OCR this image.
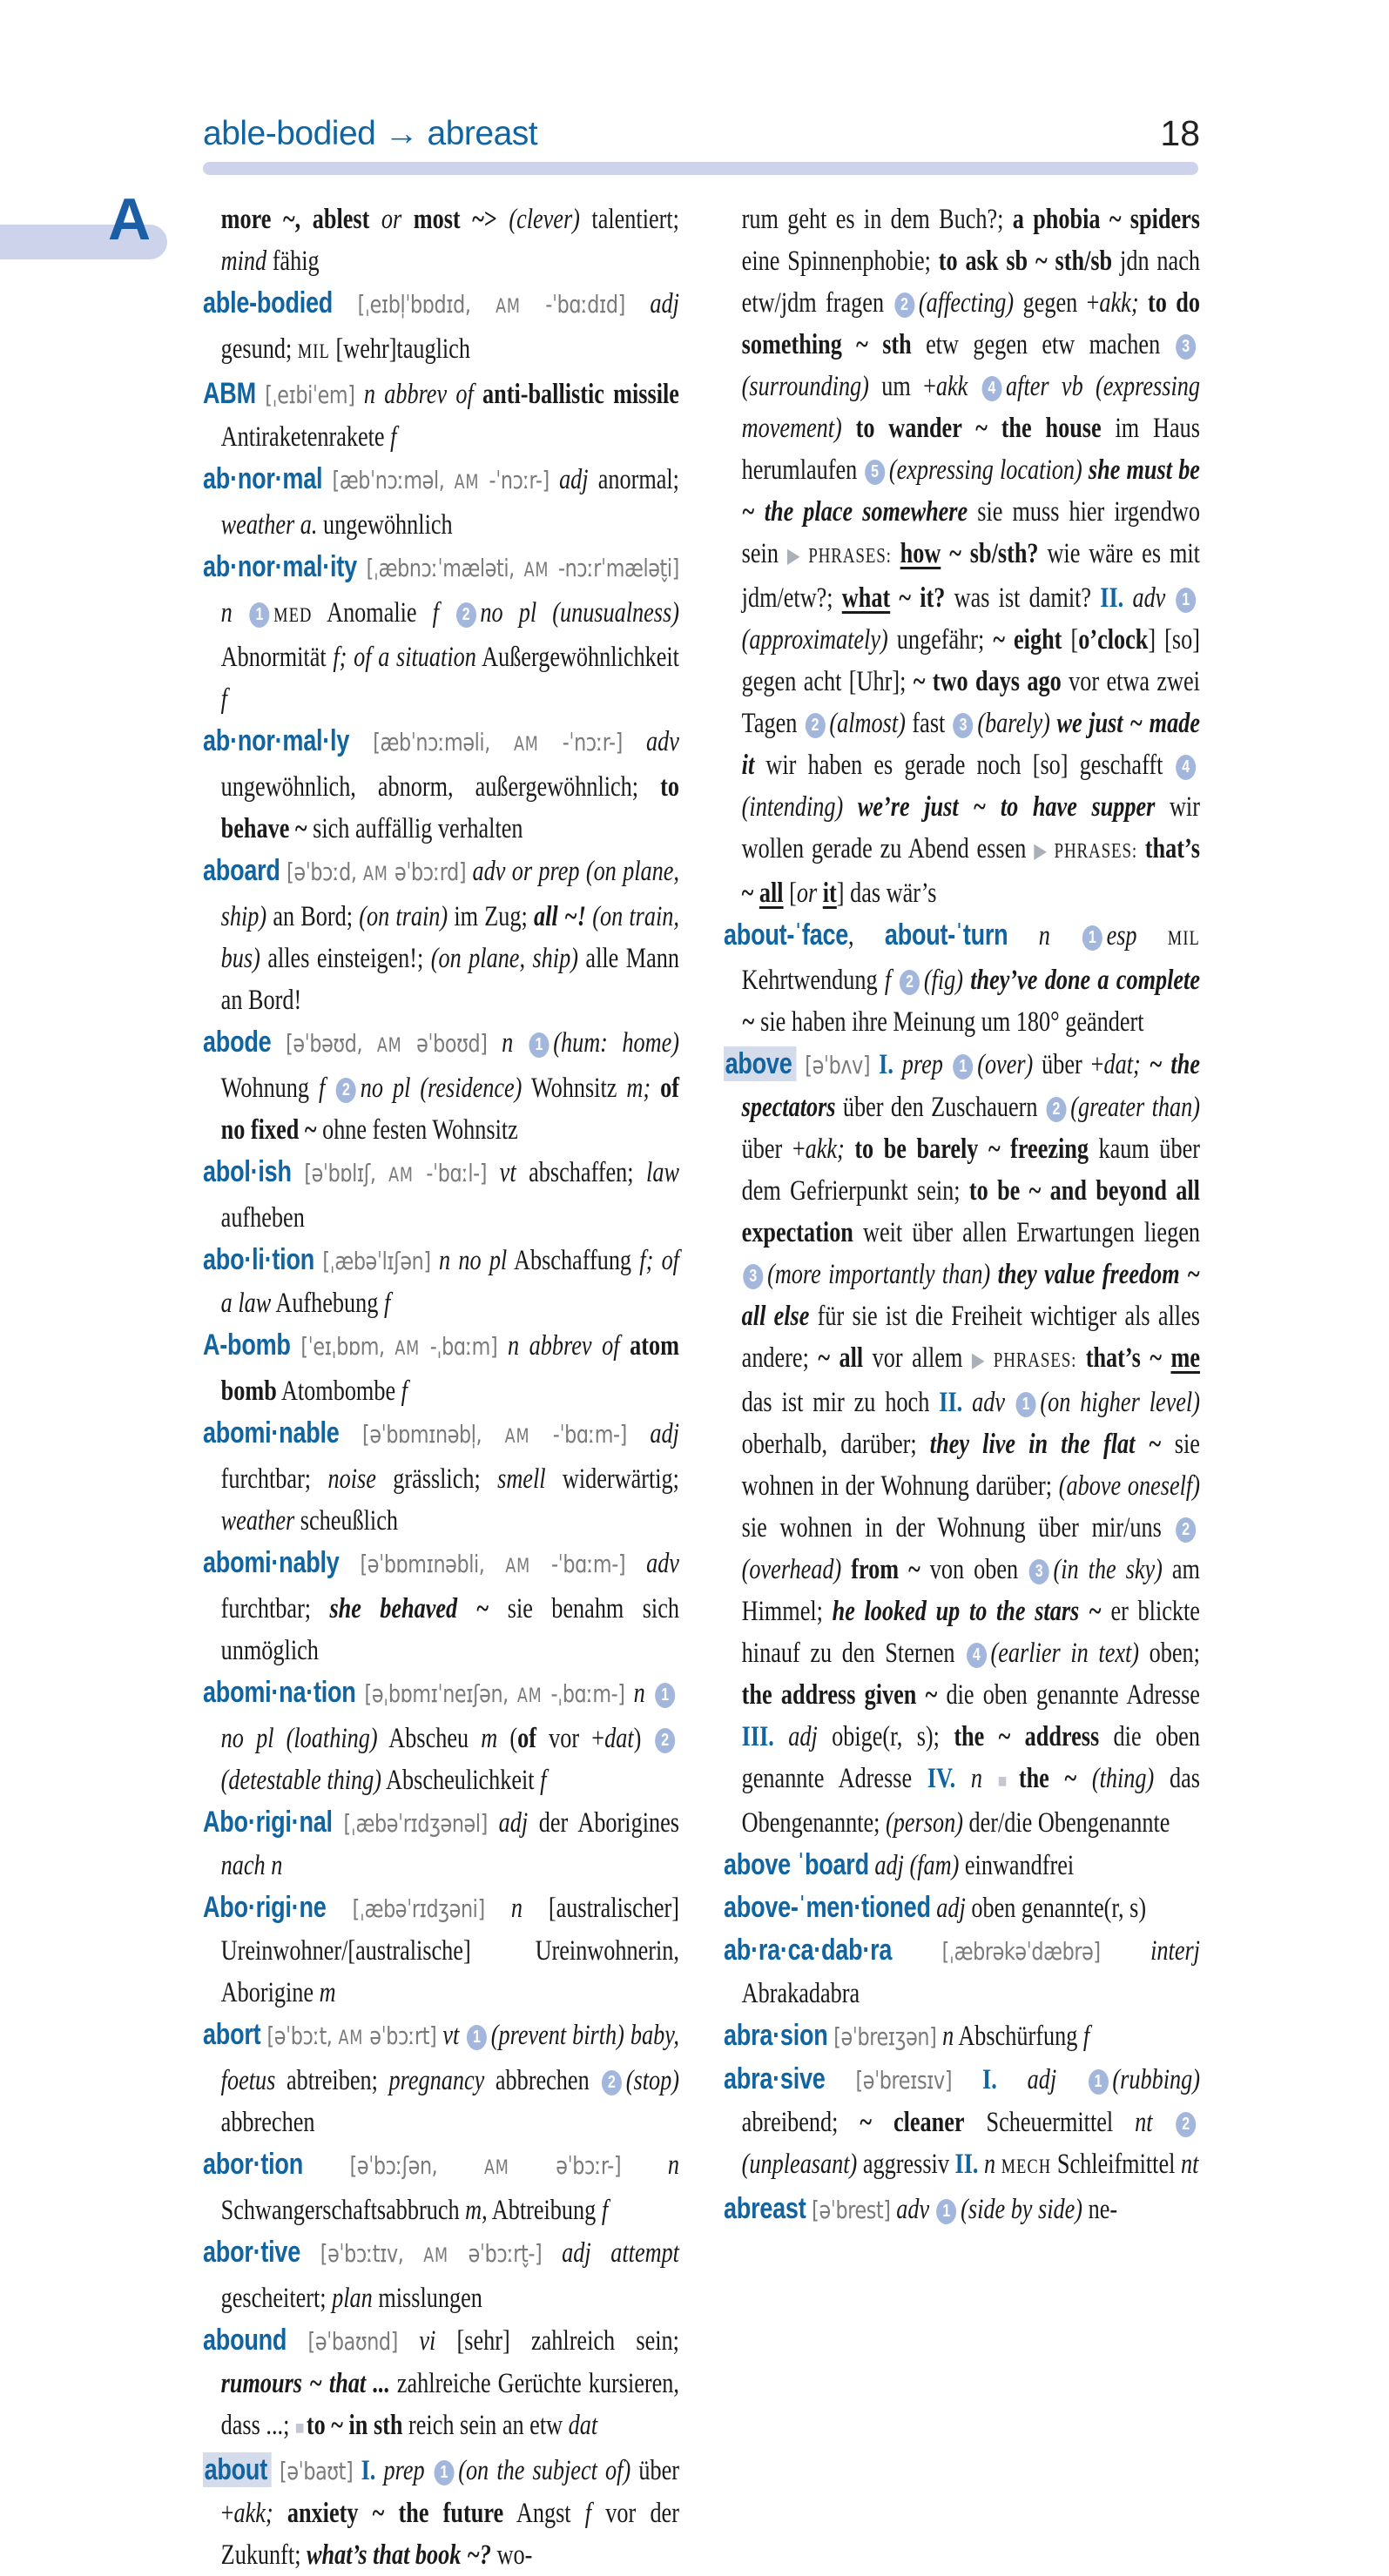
able-bodied → abreast	18
A	more ~, ablest or most ~> (clever) talentiert; mind fähig

able-bodied [ˌeɪbl̩ˈbɒdɪd, AM -ˈbɑːdɪd] adj gesund; MIL [wehr]tauglich

ABM [ˌeɪbiˈem] n abbrev of anti-ballistic missile Antiraketenrakete f

ab·nor·mal [æbˈnɔːməl, AM -ˈnɔːr-] adj anormal; weather a. ungewöhnlich

ab·nor·mal·ity [ˌæbnɔːˈmæləti, AM -nɔːrˈmælət̬i] n 1 MED Anomalie f 2 no pl (unusualness) Abnormität f; of a situation Außergewöhnlichkeit f

ab·nor·mal·ly [æbˈnɔːməli, AM -ˈnɔːr-] adv ungewöhnlich, abnorm, außergewöhnlich; to behave ~ sich auffällig verhalten

aboard [əˈbɔːd, AM əˈbɔːrd] adv or prep (on plane, ship) an Bord; (on train) im Zug; all ~! (on train, bus) alles einsteigen!; (on plane, ship) alle Mann an Bord!

abode [əˈbəʊd, AM əˈboʊd] n 1 (hum: home) Wohnung f 2 no pl (residence) Wohnsitz m; of no fixed ~ ohne festen Wohnsitz

abol·ish [əˈbɒlɪʃ, AM -ˈbɑːl-] vt abschaffen; law aufheben

abo·li·tion [ˌæbəˈlɪʃən] n no pl Abschaffung f; of a law Aufhebung f

A-bomb [ˈeɪˌbɒm, AM -ˌbɑːm] n abbrev of atom bomb Atombombe f

abomi·nable [əˈbɒmɪnəbl̩, AM -ˈbɑːm-] adj furchtbar; noise grässlich; smell widerwärtig; weather scheußlich

abomi·nably [əˈbɒmɪnəbli, AM -ˈbɑːm-] adv furchtbar; she behaved ~ sie benahm sich unmöglich

abomi·na·tion [əˌbɒmɪˈneɪʃən, AM -ˌbɑːm-] n 1no pl (loathing) Abscheu m (of vor +dat) 2(detestable thing) Abscheulichkeit f

Abo·rigi·nal [ˌæbəˈrɪdʒənəl] adj der Aborigines nach n

Abo·rigi·ne [ˌæbəˈrɪdʒəni] n [australischer] Ureinwohner/[australische] Ureinwohnerin, Aborigine m

abort [əˈbɔːt, AM əˈbɔːrt] vt 1 (prevent birth) baby, foetus abtreiben; pregnancy abbrechen 2 (stop) abbrechen

abor·tion [əˈbɔːʃən, AM əˈbɔːr-] n Schwangerschaftsabbruch m, Abtreibung f

abor·tive [əˈbɔːtɪv, AM əˈbɔːrt̬-] adj attempt gescheitert; plan misslungen

abound [əˈbaʊnd] vi [sehr] zahlreich sein; rumours ~ that ... zahlreiche Gerüchte kursieren, dass ...; ■to ~ in sth reich sein an etw dat

about [əˈbaʊt] I. prep 1 (on the subject of) über +akk; anxiety ~ the future Angst f vor der Zukunft; what’s that book ~? wo-

rum geht es in dem Buch?; a phobia ~ spiders eine Spinnenphobie; to ask sb ~ sth/sb jdn nach etw/jdm fragen 2 (affecting) gegen +akk; to do something ~ sth etw gegen etw machen 3(surrounding) um +akk 4 after vb (expressing movement) to wander ~ the house im Haus herumlaufen 5 (expressing location) she must be ~ the place somewhere sie muss hier irgendwo sein ▶ PHRASES: how ~ sb/sth? wie wäre es mit jdm/etw?; what ~ it? was ist damit? II. adv 1(approximately) ungefähr; ~ eight [o’clock] [so] gegen acht [Uhr]; ~ two days ago vor etwa zwei Tagen 2 (almost) fast 3 (barely) we just ~ made it wir haben es gerade noch [so] geschafft 4(intending) we’re just ~ to have supper wir wollen gerade zu Abend essen ▶ PHRASES: that’s ~ all [or it] das wär’s

about-ˈface, about-ˈturn n 1 esp MIL Kehrtwendung f 2 (fig) they’ve done a complete ~ sie haben ihre Meinung um 180° geändert

above [əˈbʌv] I. prep 1 (over) über +dat; ~ the spectators über den Zuschauern 2 (greater than) über +akk; to be barely ~ freezing kaum über dem Gefrierpunkt sein; to be ~ and beyond all expectation weit über allen Erwartungen liegen 3 (more importantly than) they value freedom ~ all else für sie ist die Freiheit wichtiger als alles andere; ~ all vor allem ▶ PHRASES: that’s ~ me das ist mir zu hoch II. adv 1 (on higher level) oberhalb, darüber; they live in the flat ~ sie wohnen in der Wohnung darüber; (above oneself) sie wohnen in der Wohnung über mir/uns 2(overhead) from ~ von oben 3 (in the sky) am Himmel; he looked up to the stars ~ er blickte hinauf zu den Sternen 4 (earlier in text) oben; the address given ~ die oben genannte Adresse III. adj obige(r, s); the ~ address die oben genannte Adresse IV. n ■the ~ (thing) das Obengenannte; (person) der/die Obengenannte

above ˈboard adj (fam) einwandfrei

above-ˈmen·tioned adj oben genannte(r, s)

ab·ra·ca·dab·ra [ˌæbrəkəˈdæbrə] interj Abrakadabra

abra·sion [əˈbreɪʒən] n Abschürfung f

abra·sive [əˈbreɪsɪv] I. adj 1 (rubbing) abreibend; ~ cleaner Scheuermittel nt 2(unpleasant) aggressiv II. n MECH Schleifmittel nt

abreast [əˈbrest] adv 1 (side by side) ne-
